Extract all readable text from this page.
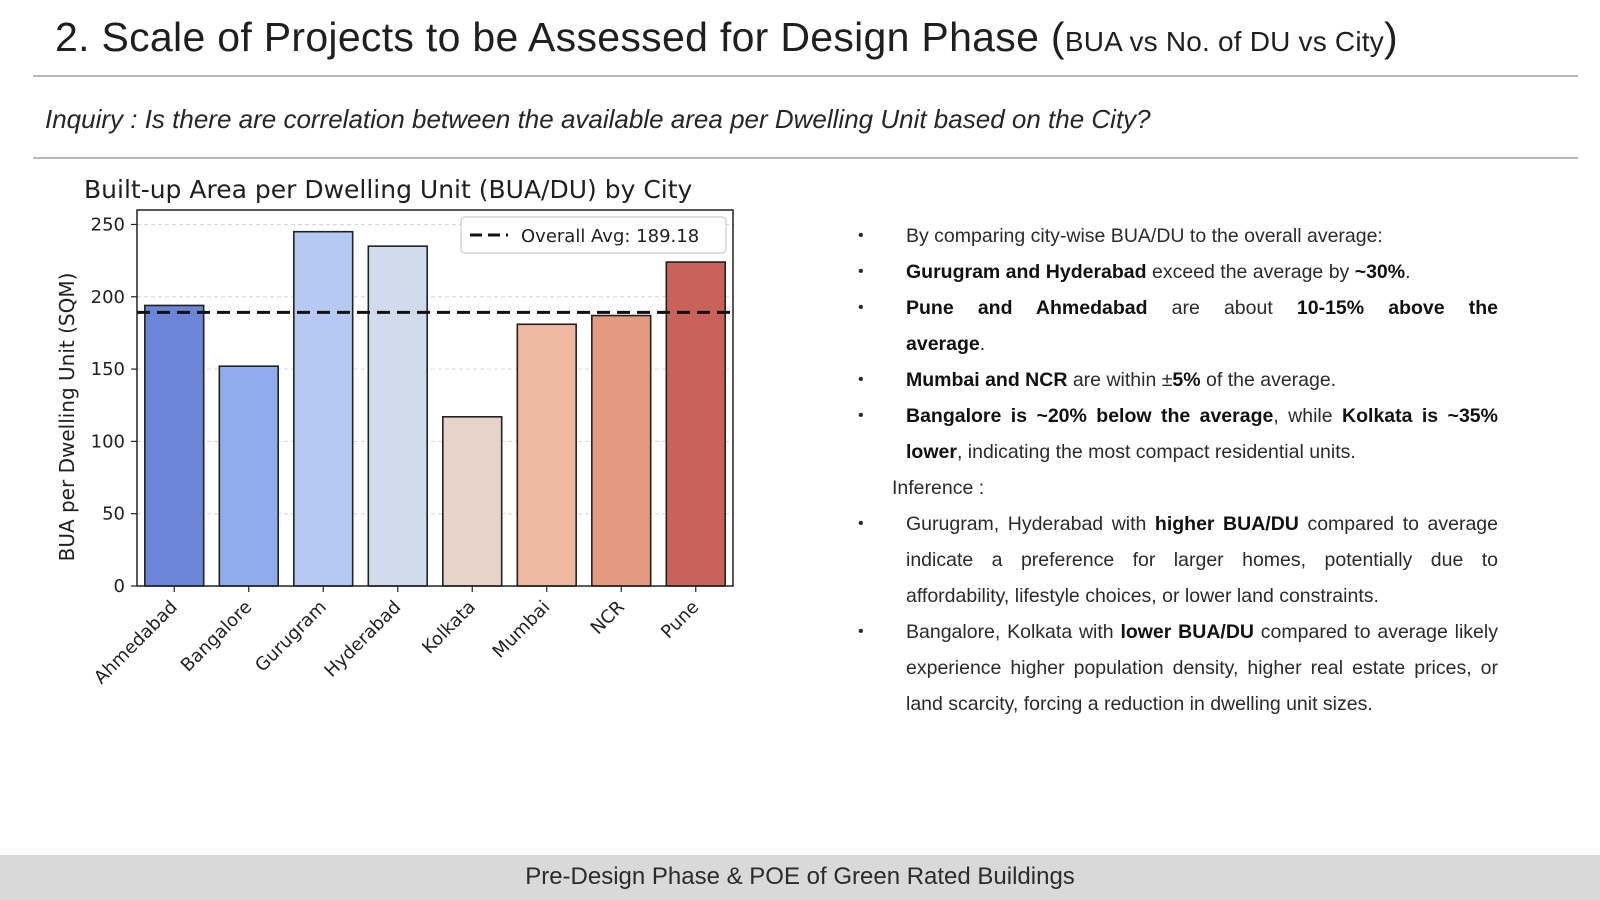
2. Scale of Projects to be Assessed for Design Phase (BUA vs No. of DU vs City)
Inquiry : Is there are correlation between the available area per Dwelling Unit based on the City?
Built-up Area per Dwelling Unit (BUA/DU) by City
BUA per Dwelling Unit (SQM)
0
50
100
150
200
250
Ahmedabad
Bangalore
Gurugram
Hyderabad Kolkata Mumbai NCR Pune
Overall Avg: 189.18	•	By comparing city-wise BUA/DU to the overall average:
•	Gurugram and Hyderabad exceed the average by ~30%.
•	Pune and Ahmedabad are about 10-15% above the
average.
•	Mumbai and NCR are within ±5% of the average.
•	Bangalore is ~20% below the average, while Kolkata is ~35%
lower, indicating the most compact residential units.
Inference :
•	Gurugram, Hyderabad with higher BUA/DU compared to average indicate a preference for larger homes, potentially due to affordability, lifestyle choices, or lower land constraints.
•	Bangalore, Kolkata with lower BUA/DU compared to average likely experience higher population density, higher real estate prices, or land scarcity, forcing a reduction in dwelling unit sizes.
Pre-Design Phase & POE of Green Rated Buildings
